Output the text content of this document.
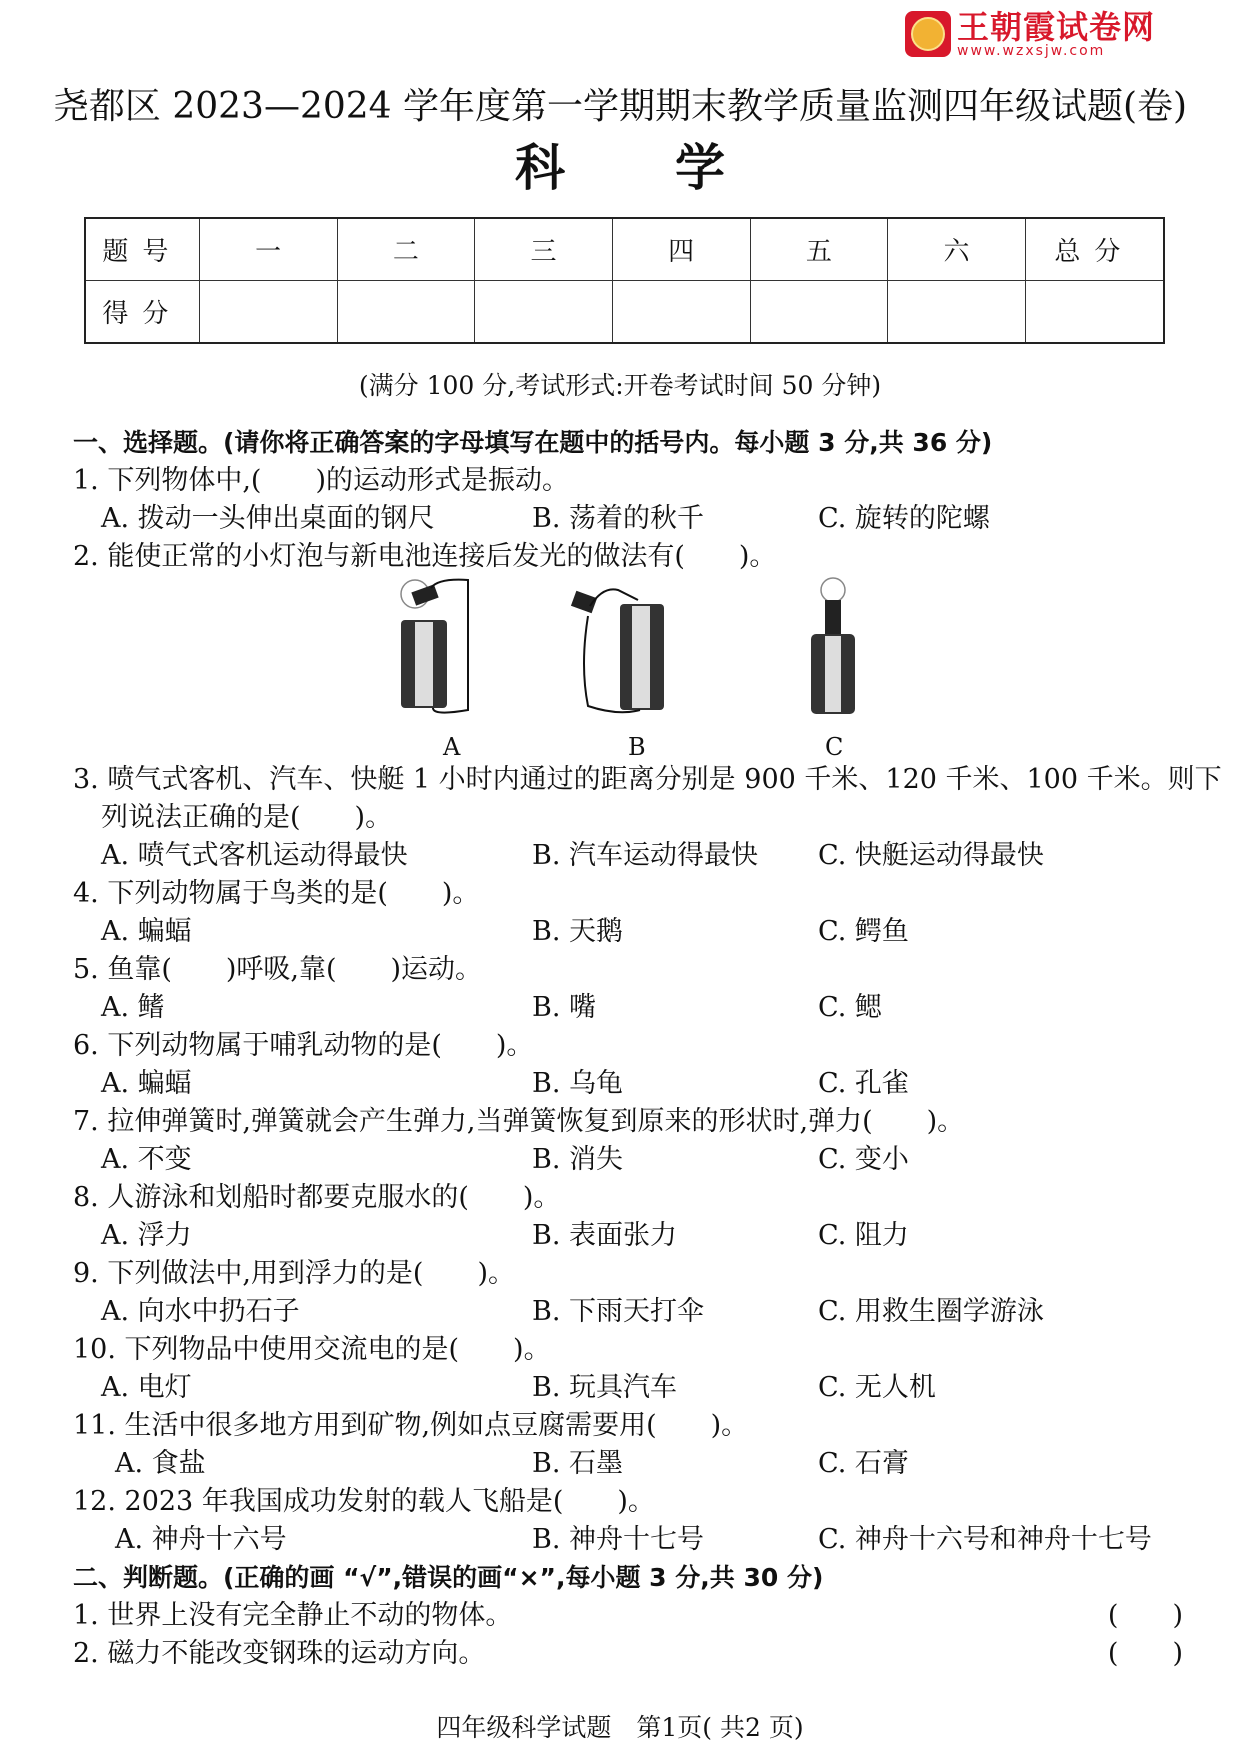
王朝霞试卷网
www.wzxsjw.com
尧都区 2023—2024 学年度第一学期期末教学质量监测四年级试题(卷)
科 学
题号	一	二	三	四	五	六	总分
得分							
(满分 100 分,考试形式:开卷考试时间 50 分钟)
一、选择题。(请你将正确答案的字母填写在题中的括号内。每小题 3 分,共 36 分)
1. 下列物体中,(　　)的运动形式是振动。
A. 拨动一头伸出桌面的钢尺	B. 荡着的秋千	C. 旋转的陀螺
2. 能使正常的小灯泡与新电池连接后发光的做法有(　　)。
A	B	C
3. 喷气式客机、汽车、快艇 1 小时内通过的距离分别是 900 千米、120 千米、100 千米。则下
列说法正确的是(　　)。
A. 喷气式客机运动得最快	B. 汽车运动得最快 C. 快艇运动得最快
4. 下列动物属于鸟类的是(　　)。
A. 蝙蝠	B. 天鹅	C. 鳄鱼
5. 鱼靠(　　)呼吸,靠(　　)运动。
A. 鳍	B. 嘴	C. 鳃
6. 下列动物属于哺乳动物的是(　　)。
A. 蝙蝠	B. 乌龟	C. 孔雀
7. 拉伸弹簧时,弹簧就会产生弹力,当弹簧恢复到原来的形状时,弹力(　　)。
A. 不变	B. 消失	C. 变小
8. 人游泳和划船时都要克服水的(　　)。
A. 浮力	B. 表面张力	C. 阻力
9. 下列做法中,用到浮力的是(　　)。
A. 向水中扔石子	B. 下雨天打伞	C. 用救生圈学游泳
10. 下列物品中使用交流电的是(　　)。
A. 电灯	B. 玩具汽车	C. 无人机
11. 生活中很多地方用到矿物,例如点豆腐需要用(　　)。
A. 食盐	B. 石墨	C. 石膏
12. 2023 年我国成功发射的载人飞船是(　　)。
A. 神舟十六号	B. 神舟十七号	C. 神舟十六号和神舟十七号
二、判断题。(正确的画 “√”,错误的画“×”,每小题 3 分,共 30 分)
1. 世界上没有完全静止不动的物体。	(　　)
2. 磁力不能改变钢珠的运动方向。	(　　)
四年级科学试题　第1页( 共2 页)
